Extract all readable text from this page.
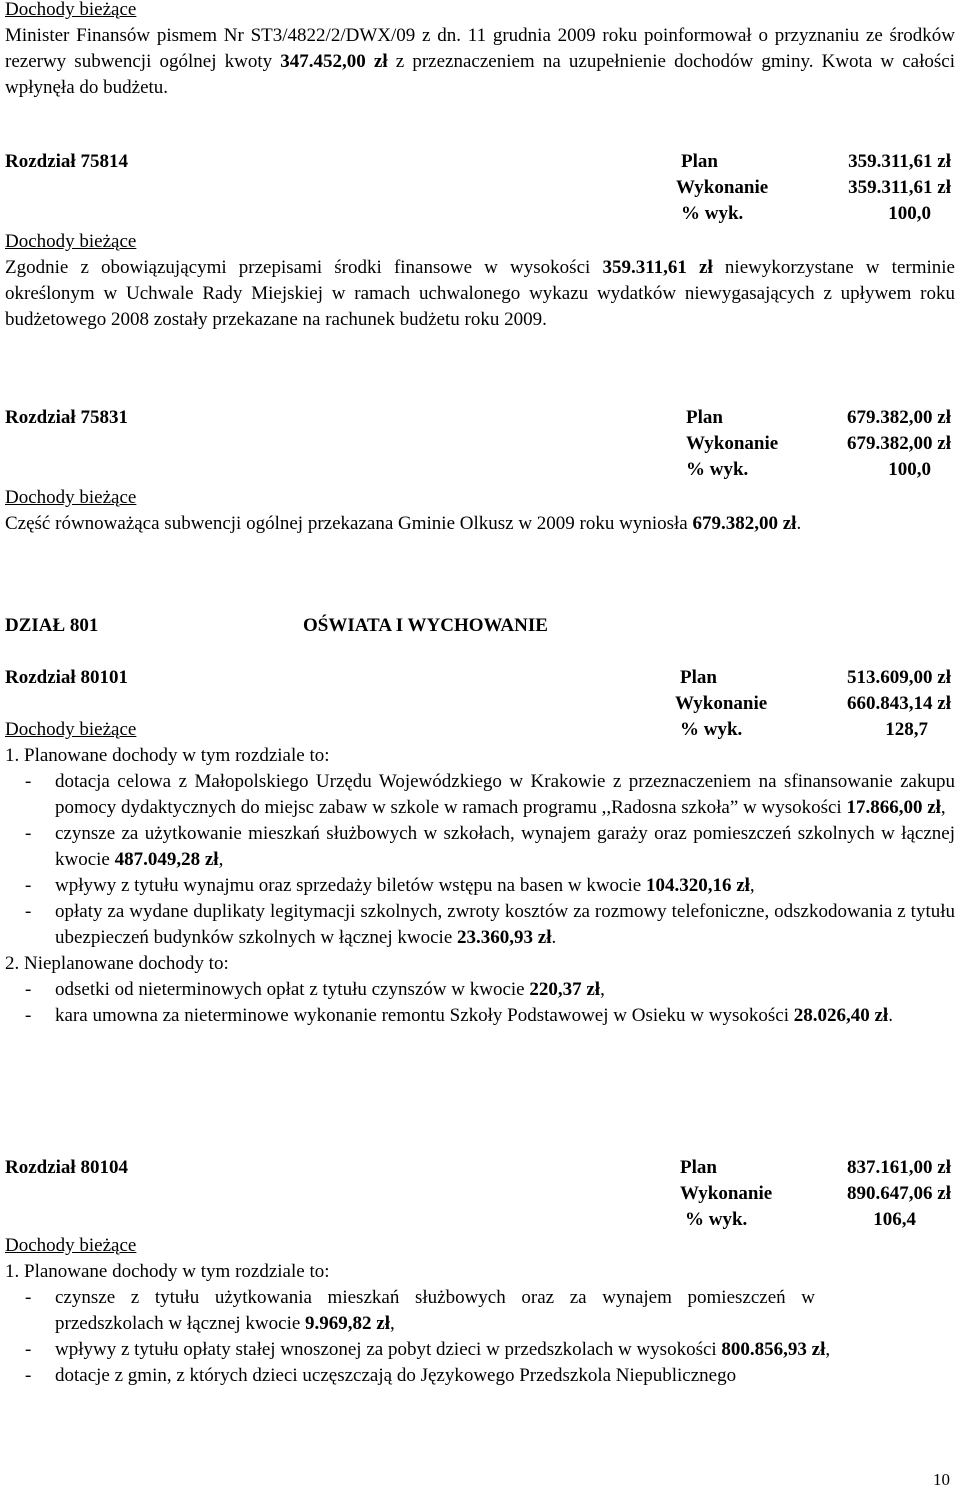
Dochody bieżące

Minister Finansów pismem Nr ST3/4822/2/DWX/09 z dn. 11 grudnia 2009 roku poinformował o przyznaniu ze środków rezerwy subwencji ogólnej kwoty 347.452,00 zł z przeznaczeniem na uzupełnienie dochodów gminy. Kwota w całości wpłynęła do budżetu.

Rozdział 75814	Plan	359.311,61 zł
Wykonanie	359.311,61 zł
% wyk.	100,0
Dochody bieżące

Zgodnie z obowiązującymi przepisami środki finansowe w wysokości 359.311,61 zł niewykorzystane w terminie określonym w Uchwale Rady Miejskiej w ramach uchwalonego wykazu wydatków niewygasających z upływem roku budżetowego 2008 zostały przekazane na rachunek budżetu roku 2009.

Rozdział 75831	Plan	679.382,00 zł
Wykonanie	679.382,00 zł
% wyk.	100,0
Dochody bieżące

Część równoważąca subwencji ogólnej przekazana Gminie Olkusz w 2009 roku wyniosła 679.382,00 zł.

DZIAŁ 801	OŚWIATA I WYCHOWANIE
Rozdział 80101	Plan	513.609,00 zł
Wykonanie	660.843,14 zł
Dochody bieżące	% wyk.	128,7
1. Planowane dochody w tym rozdziale to:
- dotacja celowa z Małopolskiego Urzędu Wojewódzkiego w Krakowie z przeznaczeniem na sfinansowanie zakupu pomocy dydaktycznych do miejsc zabaw w szkole w ramach programu ,,Radosna szkoła” w wysokości 17.866,00 zł,
- czynsze za użytkowanie mieszkań służbowych w szkołach, wynajem garaży oraz pomieszczeń szkolnych w łącznej kwocie 487.049,28 zł,
- wpływy z tytułu wynajmu oraz sprzedaży biletów wstępu na basen w kwocie 104.320,16 zł,
- opłaty za wydane duplikaty legitymacji szkolnych, zwroty kosztów za rozmowy telefoniczne, odszkodowania z tytułu ubezpieczeń budynków szkolnych w łącznej kwocie 23.360,93 zł.
2. Nieplanowane dochody to:
- odsetki od nieterminowych opłat z tytułu czynszów w kwocie 220,37 zł,
- kara umowna za nieterminowe wykonanie remontu Szkoły Podstawowej w Osieku w wysokości 28.026,40 zł.
Rozdział 80104	Plan	837.161,00 zł
Wykonanie	890.647,06 zł
% wyk.	106,4
Dochody bieżące
1. Planowane dochody w tym rozdziale to:
- czynsze z tytułu użytkowania mieszkań służbowych oraz za wynajem pomieszczeń w przedszkolach w łącznej kwocie 9.969,82 zł,
- wpływy z tytułu opłaty stałej wnoszonej za pobyt dzieci w przedszkolach w wysokości 800.856,93 zł,
- dotacje z gmin, z których dzieci uczęszczają do Językowego Przedszkola Niepublicznego
10
